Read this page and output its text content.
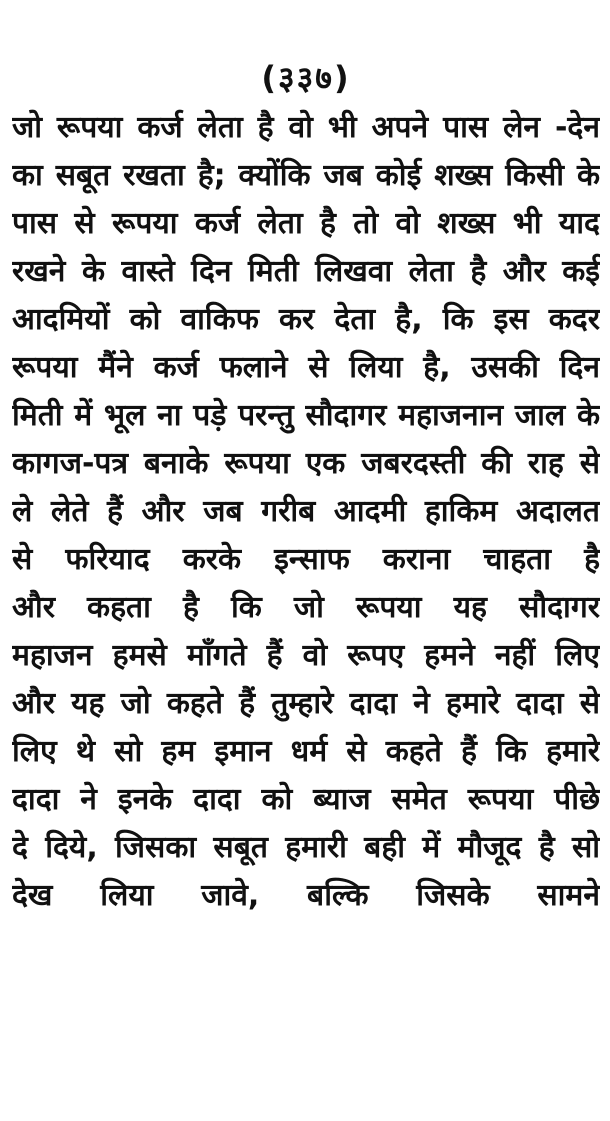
(३३७)
जो रूपया कर्ज लेता है वो भी अपने पास लेन -देन
का सबूत रखता है; क्योंकि जब कोई शख्स किसी के
पास से रूपया कर्ज लेता है तो वो शख्स भी याद
रखने के वास्ते दिन मिती लिखवा लेता है और कई
आदमियों को वाकिफ कर देता है, कि इस कदर
रूपया मैंने कर्ज फलाने से लिया है, उसकी दिन
मिती में भूल ना पड़े परन्तु सौदागर महाजनान जाल के
कागज-पत्र बनाके रूपया एक जबरदस्ती की राह से
ले लेते हैं और जब गरीब आदमी हाकिम अदालत
से फरियाद करके इन्साफ कराना चाहता है
और कहता है कि जो रूपया यह सौदागर
महाजन हमसे माँगते हैं वो रूपए हमने नहीं लिए
और यह जो कहते हैं तुम्हारे दादा ने हमारे दादा से
लिए थे सो हम इमान धर्म से कहते हैं कि हमारे
दादा ने इनके दादा को ब्याज समेत रूपया पीछे
दे दिये, जिसका सबूत हमारी बही में मौजूद है सो
देख लिया जावे, बल्कि जिसके सामने
